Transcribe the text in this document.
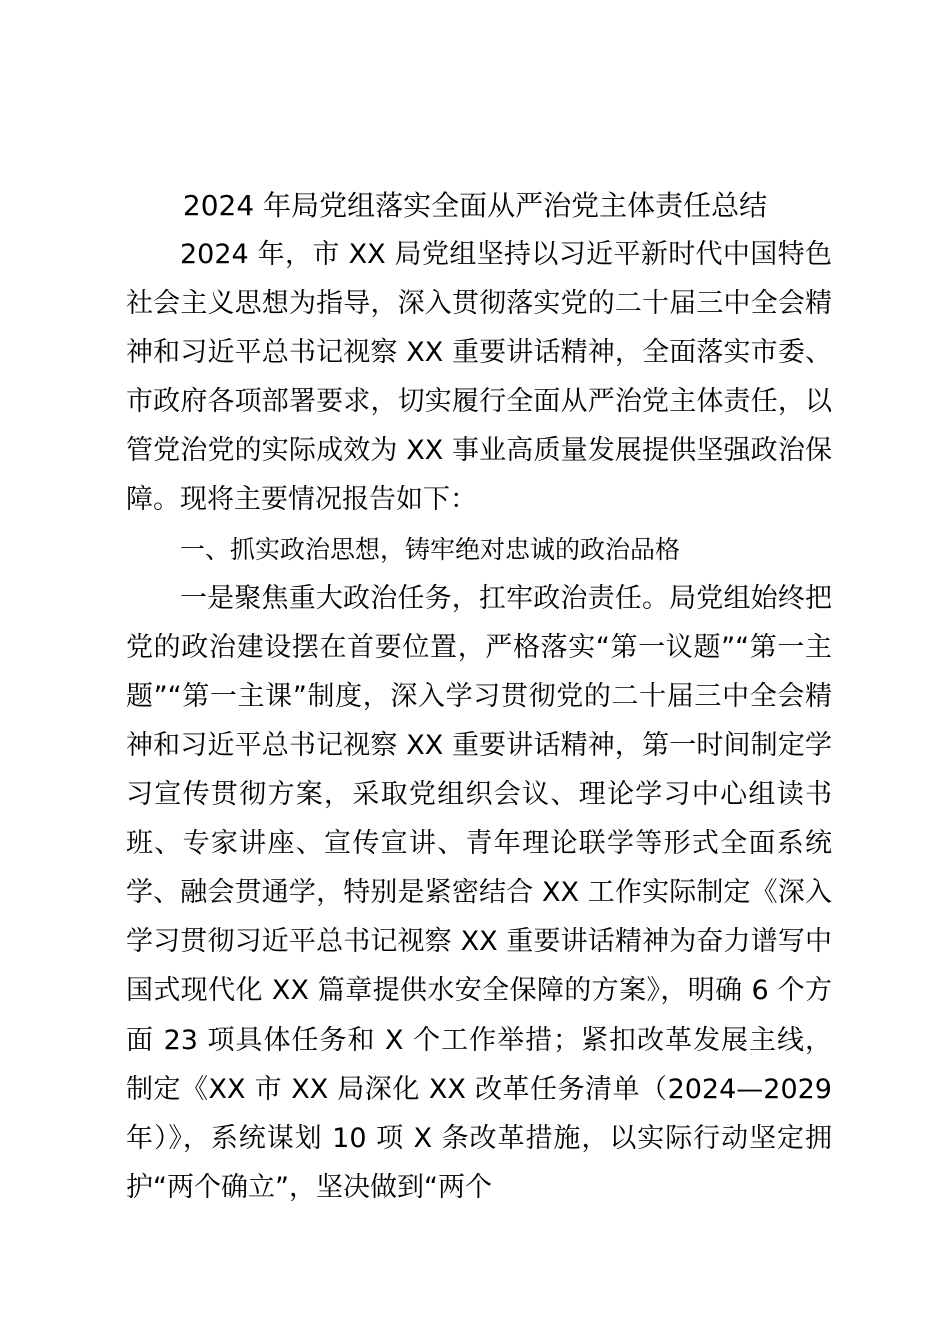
2024 年局党组落实全面从严治党主体责任总结

2024 年，市 XX 局党组坚持以习近平新时代中国特色社会主义思想为指导，深入贯彻落实党的二十届三中全会精神和习近平总书记视察 XX 重要讲话精神，全面落实市委、市政府各项部署要求，切实履行全面从严治党主体责任，以管党治党的实际成效为 XX 事业高质量发展提供坚强政治保障。现将主要情况报告如下：

一、抓实政治思想，铸牢绝对忠诚的政治品格

一是聚焦重大政治任务，扛牢政治责任。局党组始终把党的政治建设摆在首要位置，严格落实“第一议题”“第一主题”“第一主课”制度，深入学习贯彻党的二十届三中全会精神和习近平总书记视察 XX 重要讲话精神，第一时间制定学习宣传贯彻方案，采取党组织会议、理论学习中心组读书班、专家讲座、宣传宣讲、青年理论联学等形式全面系统学、融会贯通学，特别是紧密结合 XX 工作实际制定《深入学习贯彻习近平总书记视察 XX 重要讲话精神为奋力谱写中国式现代化 XX 篇章提供水安全保障的方案》，明确 6 个方面 23 项具体任务和 X 个工作举措；紧扣改革发展主线，制定《XX 市 XX 局深化 XX 改革任务清单（2024—2029 年）》，系统谋划 10 项 X 条改革措施，以实际行动坚定拥护“两个确立”，坚决做到“两个
